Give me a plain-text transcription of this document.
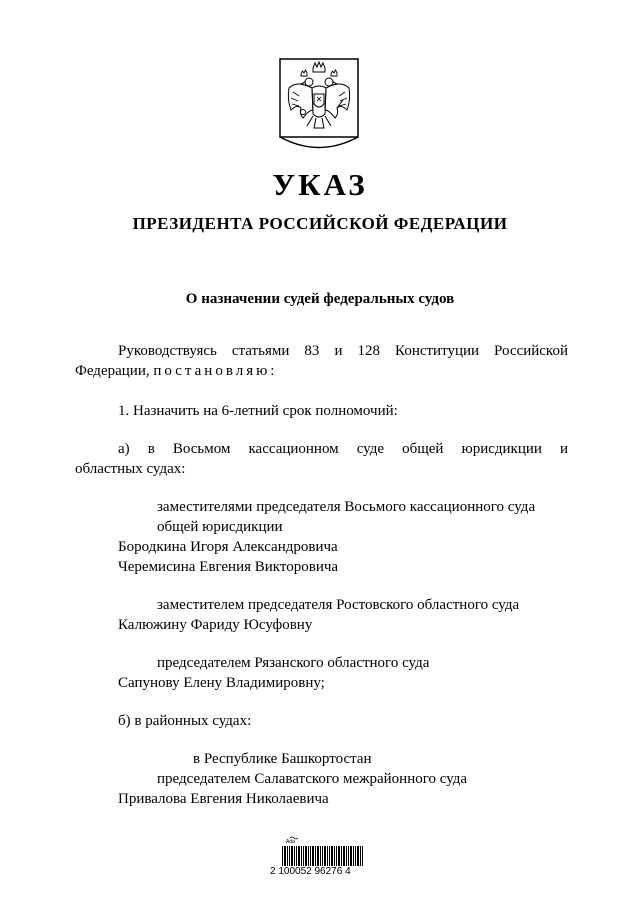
УКАЗ
ПРЕЗИДЕНТА РОССИЙСКОЙ ФЕДЕРАЦИИ
О назначении судей федеральных судов

Руководствуясь статьями 83 и 128 Конституции Российской

Федерации, постановляю:

1. Назначить на 6-летний срок полномочий:

а) в Восьмом кассационном суде общей юрисдикции и

областных судах:

заместителями председателя Восьмого кассационного суда

общей юрисдикции

Бородкина Игоря Александровича

Черемисина Евгения Викторовича

заместителем председателя Ростовского областного суда

Калюжину Фариду Юсуфовну

председателем Рязанского областного суда

Сапунову Елену Владимировну;

б) в районных судах:

в Республике Башкортостан

председателем Салаватского межрайонного суда

Привалова Евгения Николаевича

Ada
2 100052 96276 4
